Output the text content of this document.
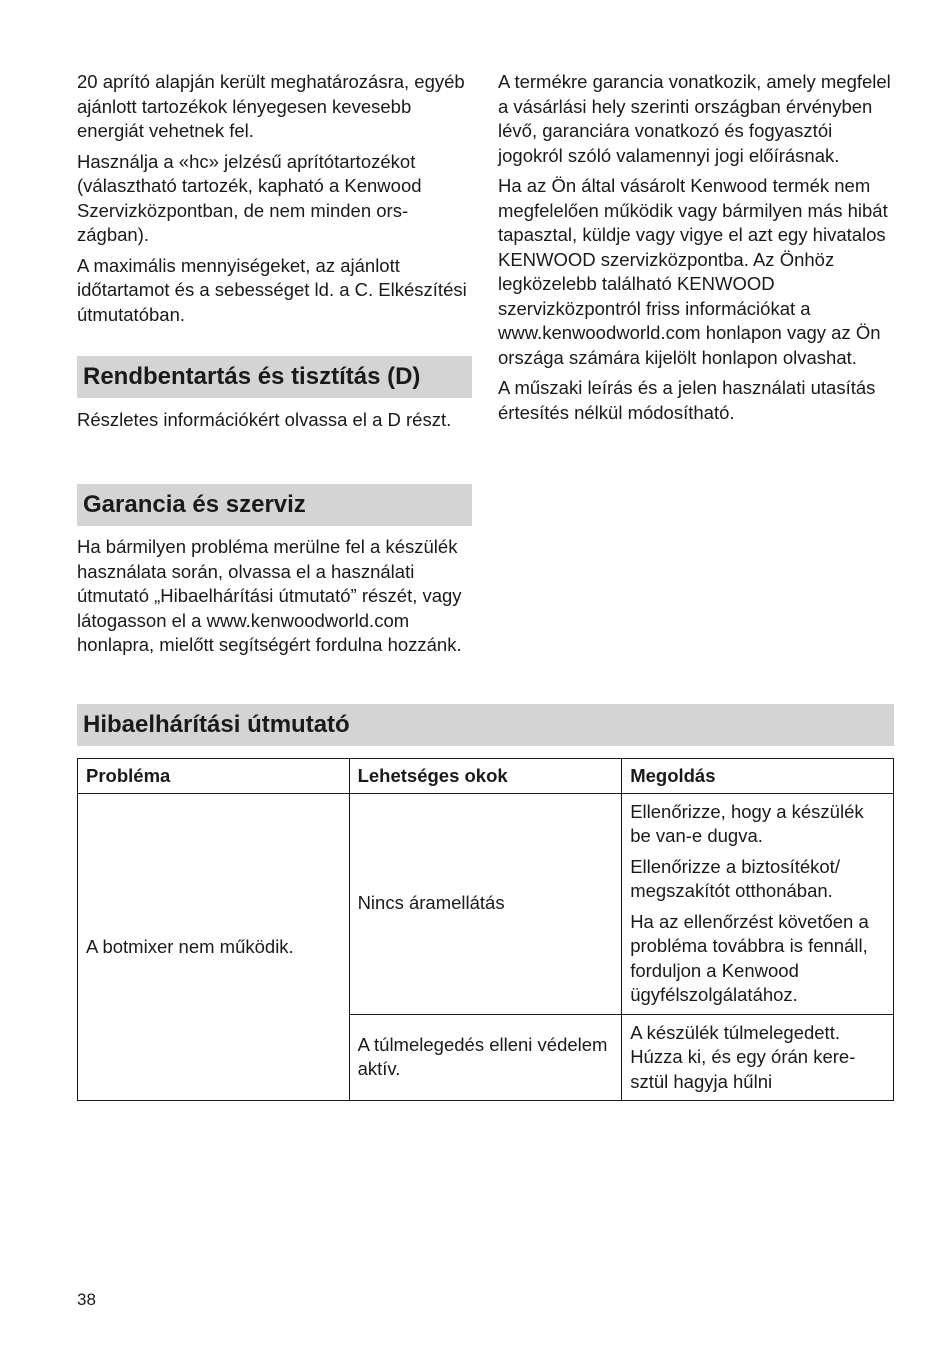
20 aprító alapján került meghatározásra, egyéb ajánlott tartozékok lényegesen kevesebb energiát vehetnek fel.

Használja a «hc» jelzésű aprítótartozékot (választható tartozék, kapható a Kenwood Szervizközpontban, de nem minden országban).

A maximális mennyiségeket, az ajánlott időtartamot és a sebességet ld. a C. Elkészítési útmutatóban.

Rendbentartás és tisztítás (D)

Részletes információkért olvassa el a D részt.

Garancia és szerviz

Ha bármilyen probléma merülne fel a készülék használata során, olvassa el a használati útmutató „Hibaelhárítási útmutató” részét, vagy látogasson el a www.kenwoodworld.com honlapra, mielőtt segítségért fordulna hozzánk.

A termékre garancia vonatkozik, amely megfelel a vásárlási hely szerinti országban érvényben lévő, garanciára vonatkozó és fogyasztói jogokról szóló valamennyi jogi előírásnak.

Ha az Ön által vásárolt Kenwood termék nem megfelelően működik vagy bármilyen más hibát tapasztal, küldje vagy vigye el azt egy hivatalos KENWOOD szervizközpontba. Az Önhöz legközelebb található KENWOOD szervizközpontról friss információkat a www.kenwoodworld.com honlapon vagy az Ön országa számára kijelölt honlapon olvashat.

A műszaki leírás és a jelen használati utasítás értesítés nélkül módosítható.

Hibaelhárítási útmutató
Probléma	Lehetséges okok	Megoldás
A botmixer nem működik.	Nincs áramellátás	Ellenőrizze, hogy a készülék be van-e dugva.

Ellenőrizze a biztosítékot/ megszakítót otthonában.

Ha az ellenőrzést követően a probléma továbbra is fennáll, forduljon a Kenwood ügyfélszolgálatához.

	A túlmelegedés elleni védelem aktív.	A készülék túlmelegedett. Húzza ki, és egy órán keresztül hagyja hűlni
38
